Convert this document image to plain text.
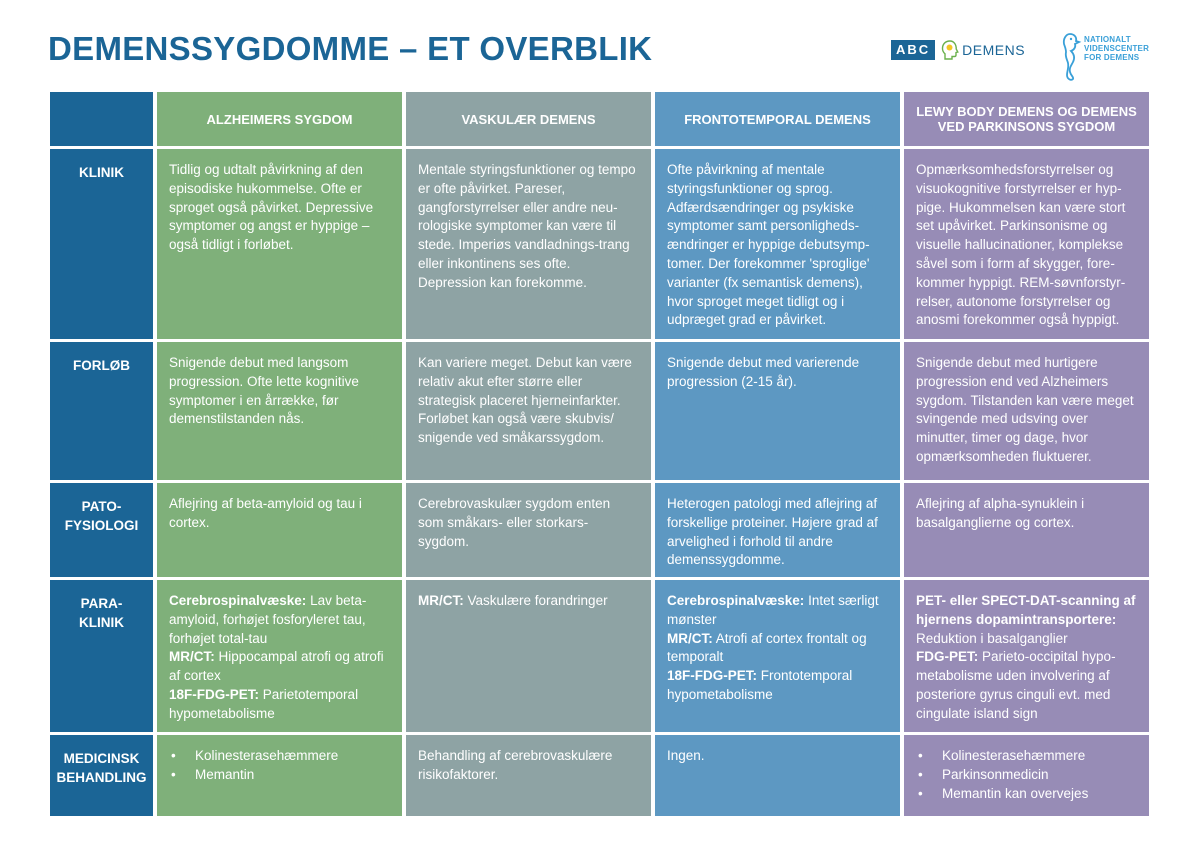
DEMENSSYGDOMME – ET OVERBLIK	ABC	DEMENS
NATIONALT
VIDENSCENTER
FOR DEMENS
ALZHEIMERS SYGDOM	VASKULÆR DEMENS	FRONTOTEMPORAL DEMENS	LEWY BODY DEMENS OG DEMENS VED PARKINSONS SYGDOM
KLINIK	Tidlig og udtalt påvirkning af den episodiske hukommelse. Ofte er sproget også påvirket. Depressive symptomer og angst er hyppige – også tidligt i forløbet.
Mentale styringsfunktioner og tempo er ofte påvirket. Pareser, gangforstyrrelser eller andre neu-rologiske symptomer kan være til stede. Imperiøs vandladnings-trang eller inkontinens ses ofte. Depression kan forekomme.
Ofte påvirkning af mentale styringsfunktioner og sprog. Adfærdsændringer og psykiske symptomer samt personligheds-ændringer er hyppige debutsymp-tomer. Der forekommer 'sproglige' varianter (fx semantisk demens), hvor sproget meget tidligt og i udpræget grad er påvirket.
Opmærksomhedsforstyrrelser og visuokognitive forstyrrelser er hyp-pige. Hukommelsen kan være stort set upåvirket. Parkinsonisme og visuelle hallucinationer, komplekse såvel som i form af skygger, fore-kommer hyppigt. REM-søvnforstyr-relser, autonome forstyrrelser og anosmi forekommer også hyppigt.
FORLØB	Snigende debut med langsom progression. Ofte lette kognitive symptomer i en årrække, før demenstilstanden nås.
Kan variere meget. Debut kan være relativ akut efter større eller strategisk placeret hjerneinfarkter. Forløbet kan også være skubvis/ snigende ved småkarssygdom.
Snigende debut med varierende progression (2-15 år).
Snigende debut med hurtigere progression end ved Alzheimers sygdom. Tilstanden kan være meget svingende med udsving over minutter, timer og dage, hvor opmærksomheden fluktuerer.
PATO-
FYSIOLOGI
Aflejring af beta-amyloid og tau i cortex.
Cerebrovaskulær sygdom enten som småkars- eller storkars-sygdom.
Heterogen patologi med aflejring af forskellige proteiner. Højere grad af arvelighed i forhold til andre demenssygdomme.
Aflejring af alpha-synuklein i basalganglierne og cortex.
PARA-
KLINIK
Cerebrospinalvæske: Lav beta-amyloid, forhøjet fosforyleret tau, forhøjet total-tau
MR/CT: Hippocampal atrofi og atrofi af cortex
18F-FDG-PET: Parietotemporal hypometabolisme
MR/CT: Vaskulære forandringer	Cerebrospinalvæske: Intet særligt mønster
MR/CT: Atrofi af cortex frontalt og temporalt
18F-FDG-PET: Frontotemporal hypometabolisme
PET- eller SPECT-DAT-scanning af hjernens dopamintransportere: Reduktion i basalganglier
FDG-PET: Parieto-occipital hypo-metabolisme uden involvering af posteriore gyrus cinguli evt. med cingulate island sign
MEDICINSK
BEHANDLING
• Kolinesterasehæmmere
• Memantin
Behandling af cerebrovaskulære risikofaktorer.
Ingen.
•	Kolinesterasehæmmere
• Parkinsonmedicin
• Memantin kan overvejes
